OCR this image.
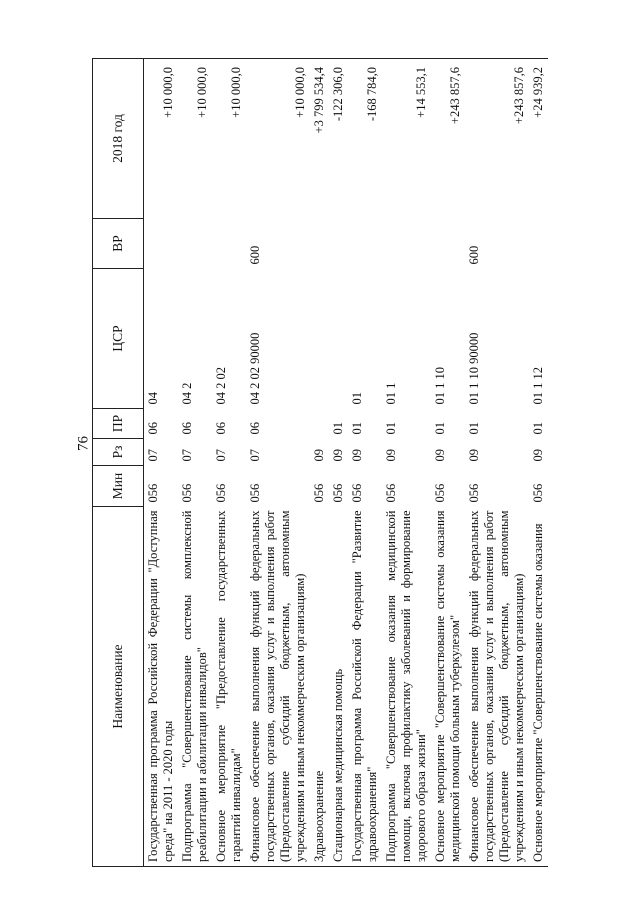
76
Наименование	Мин	Рз	ПР	ЦСР	ВР	2018 год
Государственная программа Российской Федерации "Доступная среда" на 2011 - 2020 годы	056	07	06	04		+10 000,0
Подпрограмма "Совершенствование системы комплексной реабилитации и абилитации инвалидов"	056	07	06	04 2		+10 000,0
Основное мероприятие "Предоставление государственных гарантий инвалидам"	056	07	06	04 2 02		+10 000,0
Финансовое обеспечение выполнения функций федеральных государственных органов, оказания услуг и выполнения работ (Предоставление субсидий бюджетным, автономным учреждениям и иным некоммерческим организациям)	056	07	06	04 2 02 90000	600	+10 000,0
Здравоохранение	056	09				+3 799 534,4
Стационарная медицинская помощь	056	09	01			-122 306,0
Государственная программа Российской Федерации "Развитие здравоохранения"	056	09	01	01		-168 784,0
Подпрограмма "Совершенствование оказания медицинской помощи, включая профилактику заболеваний и формирование здорового образа жизни"	056	09	01	01 1		+14 553,1
Основное мероприятие "Совершенствование системы оказания медицинской помощи больным туберкулезом"	056	09	01	01 1 10		+243 857,6
Финансовое обеспечение выполнения функций федеральных государственных органов, оказания услуг и выполнения работ (Предоставление субсидий бюджетным, автономным учреждениям и иным некоммерческим организациям)	056	09	01	01 1 10 90000	600	+243 857,6
Основное мероприятие "Совершенствование системы оказания	056	09	01	01 1 12		+24 939,2
